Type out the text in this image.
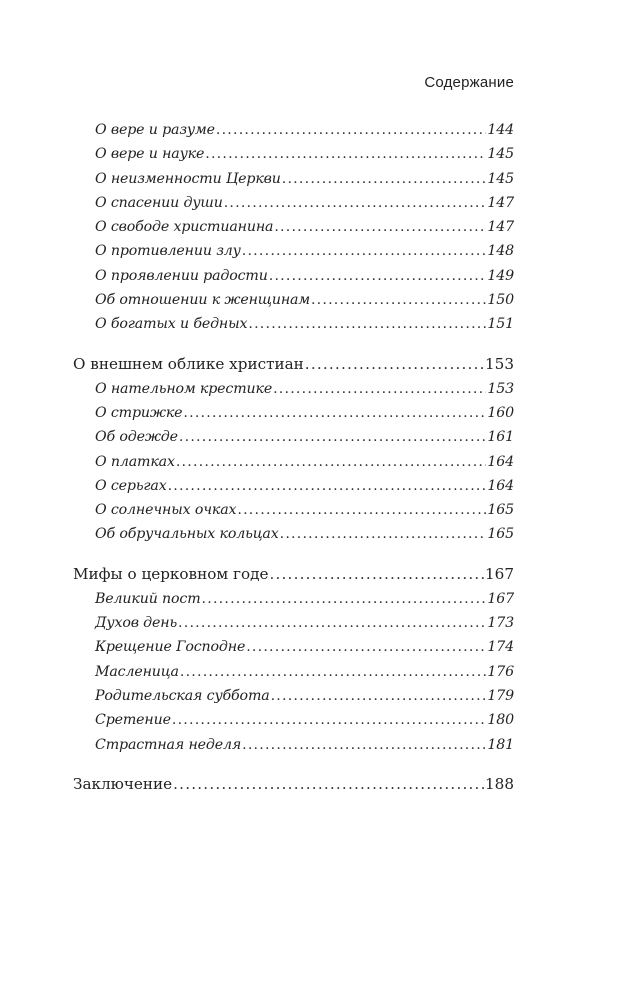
Содержание
О вере и разуме .....	144
О вере и науке .....	145
О неизменности Церкви .....	145
О спасении души .....	147
О свободе христианина .....	147
О противлении злу .....	148
О проявлении радости .....	149
Об отношении к женщинам .....	150
О богатых и бедных .....	151
О внешнем облике христиан .....	153
О нательном крестике .....	153
О стрижке .....	160
Об одежде .....	161
О платках .....	164
О серьгах .....	164
О солнечных очках .....	165
Об обручальных кольцах .....	165
Мифы о церковном годе .....	167
Великий пост .....	167
Духов день .....	173
Крещение Господне .....	174
Масленица .....	176
Родительская суббота .....	179
Сретение .....	180
Страстная неделя .....	181
Заключение .....	188
